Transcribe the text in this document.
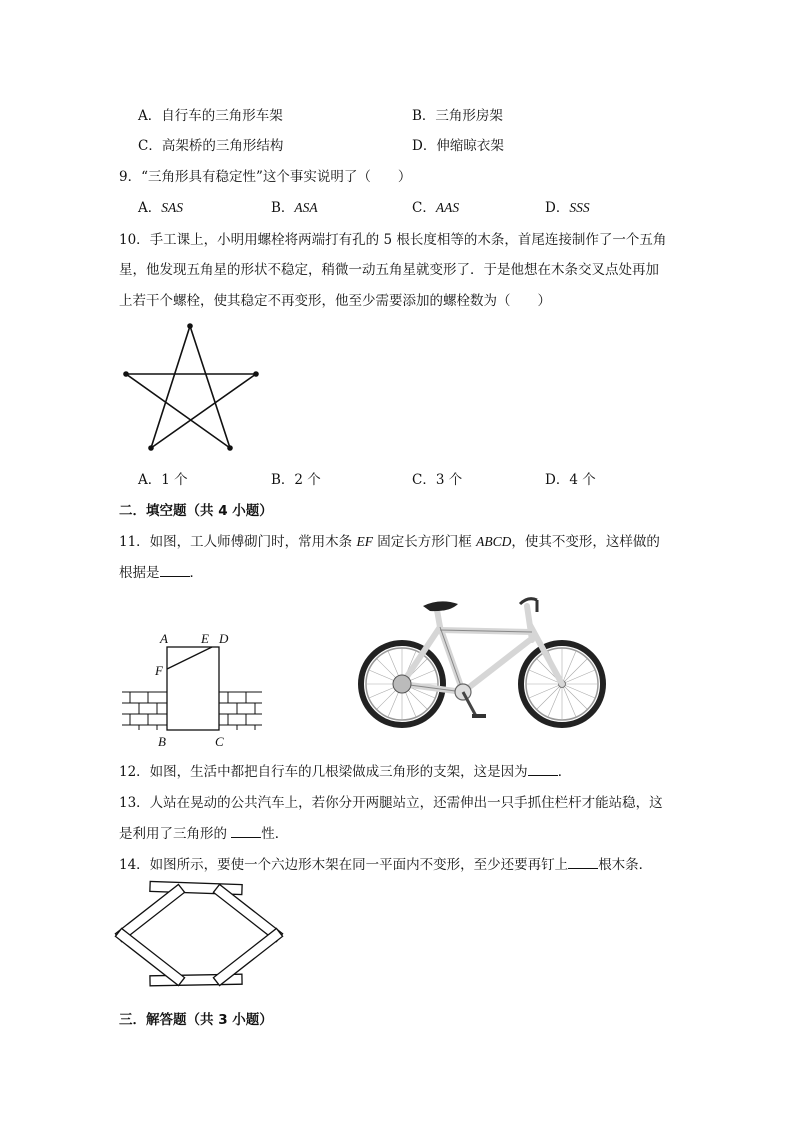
A．自行车的三角形车架	B．三角形房架
C．高架桥的三角形结构	D．伸缩晾衣架
9．“三角形具有稳定性”这个事实说明了（　　）
A．SAS	B．ASA	C．AAS	D．SSS
10．手工课上，小明用螺栓将两端打有孔的 5 根长度相等的木条，首尾连接制作了一个五角
星，他发现五角星的形状不稳定，稍微一动五角星就变形了．于是他想在木条交叉点处再加
上若干个螺栓，使其稳定不再变形，他至少需要添加的螺栓数为（　　）
A．1 个	B．2 个	C．3 个	D．4 个
二．填空题（共 4 小题）
11．如图，工人师傅砌门时，常用木条 EF 固定长方形门框 ABCD，使其不变形，这样做的
根据是 ．
A	E D
F
B	C
12．如图，生活中都把自行车的几根梁做成三角形的支架，这是因为 ．
13．人站在晃动的公共汽车上，若你分开两腿站立，还需伸出一只手抓住栏杆才能站稳，这
是利用了三角形的 性．
14．如图所示，要使一个六边形木架在同一平面内不变形，至少还要再钉上 根木条．
三．解答题（共 3 小题）
